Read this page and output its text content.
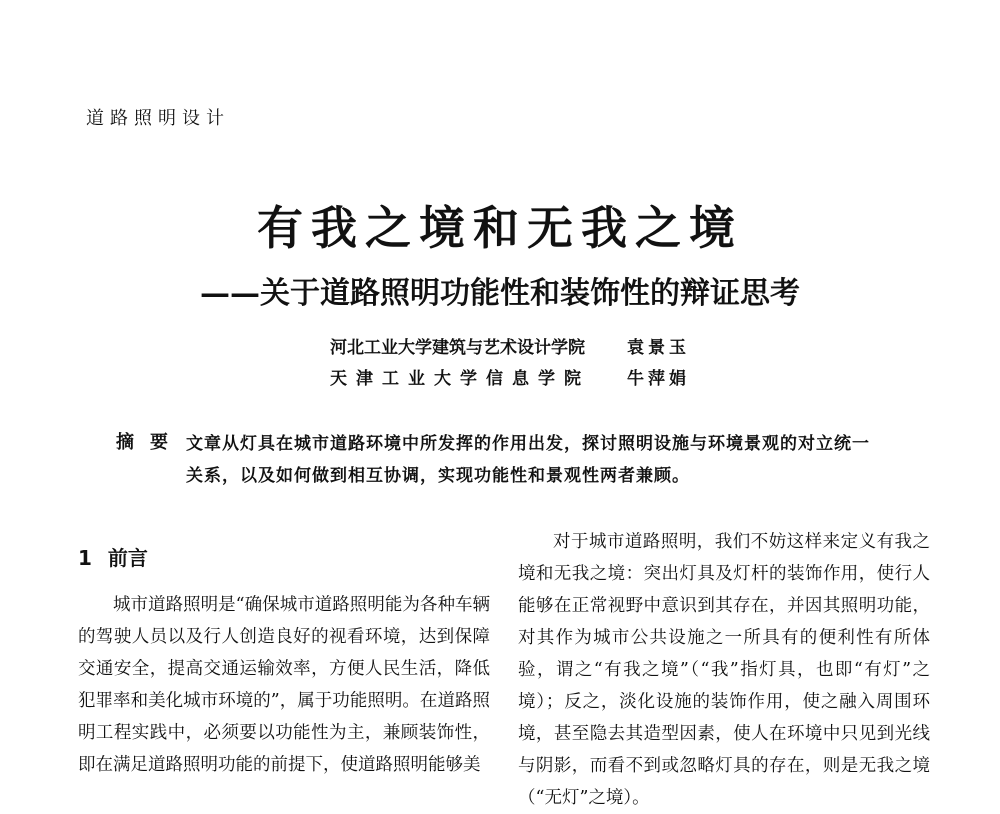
道路照明设计
有我之境和无我之境
——关于道路照明功能性和装饰性的辩证思考
河北工业大学建筑与艺术设计学院 袁景玉
天津工业大学信息学院 牛萍娟
摘要 文章从灯具在城市道路环境中所发挥的作用出发，探讨照明设施与环境景观的对立统一关系，以及如何做到相互协调，实现功能性和景观性两者兼顾。
1 前言
城市道路照明是“确保城市道路照明能为各种车辆的驾驶人员以及行人创造良好的视看环境，达到保障交通安全，提高交通运输效率，方便人民生活，降低犯罪率和美化城市环境的”，属于功能照明。在道路照明工程实践中，必须要以功能性为主，兼顾装饰性，即在满足道路照明功能的前提下，使道路照明能够美
对于城市道路照明，我们不妨这样来定义有我之境和无我之境：突出灯具及灯杆的装饰作用，使行人能够在正常视野中意识到其存在，并因其照明功能，对其作为城市公共设施之一所具有的便利性有所体验，谓之“有我之境”（“我”指灯具，也即“有灯”之境）；反之，淡化设施的装饰作用，使之融入周围环境，甚至隐去其造型因素，使人在环境中只见到光线与阴影，而看不到或忽略灯具的存在，则是无我之境（“无灯”之境）。
